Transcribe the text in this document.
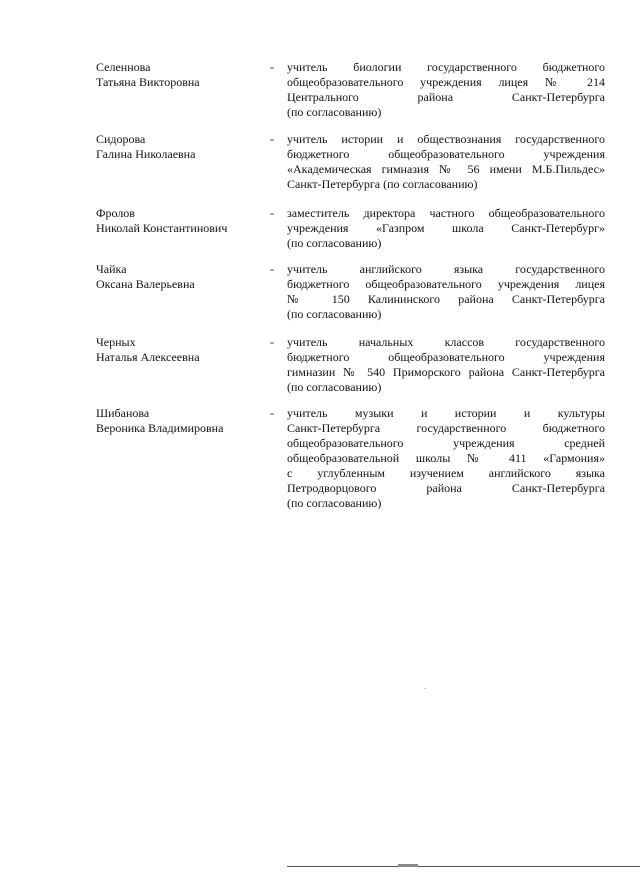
Селеннова
Татьяна Викторовна
- учитель биологии государственного бюджетного
общеобразовательного учреждения лицея № 214
Центрального района Санкт-Петербурга
(по согласованию)
Сидорова
Галина Николаевна
- учитель истории и обществознания государственного
бюджетного общеобразовательного учреждения
«Академическая гимназия № 56 имени М.Б.Пильдес»
Санкт-Петербурга (по согласованию)
Фролов
Николай Константинович
- заместитель директора частного общеобразовательного
учреждения «Газпром школа Санкт-Петербург»
(по согласованию)
Чайка
Оксана Валерьевна
- учитель английского языка государственного
бюджетного общеобразовательного учреждения лицея
№ 150 Калининского района Санкт-Петербурга
(по согласованию)
Черных
Наталья Алексеевна
- учитель начальных классов государственного
бюджетного общеобразовательного учреждения
гимназии № 540 Приморского района Санкт-Петербурга
(по согласованию)
Шибанова
Вероника Владимировна
- учитель музыки и истории и культуры
Санкт-Петербурга государственного бюджетного
общеобразовательного учреждения средней
общеобразовательной школы № 411 «Гармония»
с углубленным изучением английского языка
Петродворцового района Санкт-Петербурга
(по согласованию)
